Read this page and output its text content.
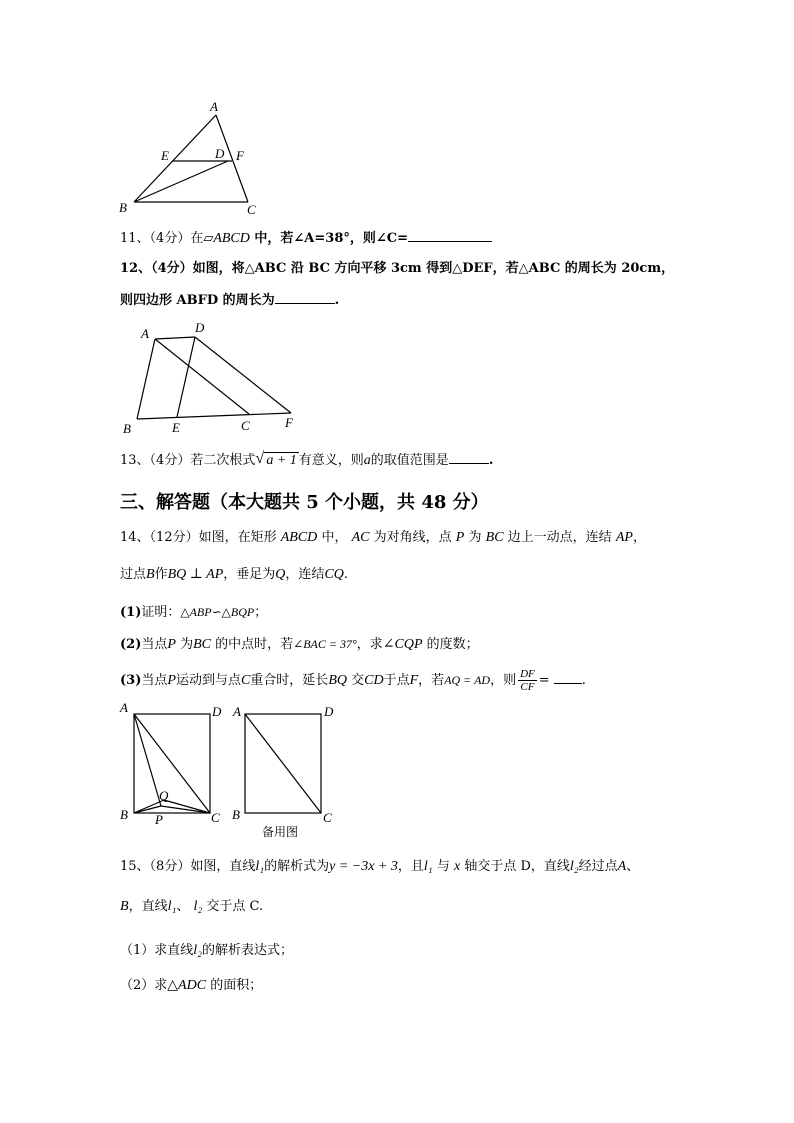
A
E	D F
B	C
11、（4分）在▱ABCD 中，若∠A=38°，则∠C=
12、（4分）如图，将△ABC 沿 BC 方向平移 3cm 得到△DEF，若△ABC 的周长为 20cm，
则四边形 ABFD 的周长为	.
A	D
B	E	C	F
13、（4分）若二次根式 √ a + 1 有意义，则a的取值范围是	.
三、解答题（本大题共 5 个小题，共 48 分）
14、（12分）如图，在矩形 ABCD 中， AC 为对角线，点 P 为 BC 边上一动点，连结 AP，
过点B作BQ ⊥ AP，垂足为Q，连结CQ.
(1)证明：△ABP∽△BQP；
(2)当点P 为BC 的中点时，若∠BAC = 37°，求∠CQP 的度数；
(3)当点P运动到与点C重合时，延长BQ 交CD于点F，若AQ = AD，则 $\frac{DF}{CF}$ = .
A	D
B	C
Q
P
A	D
B	C
备用图
15、（8分）如图，直线l₁的解析式为y = −3x + 3，且l₁ 与 x 轴交于点 D，直线l₂经过点A、
B，直线l₁、 l₂ 交于点 C.
（1）求直线l₂的解析表达式；
（2）求△ADC 的面积；
